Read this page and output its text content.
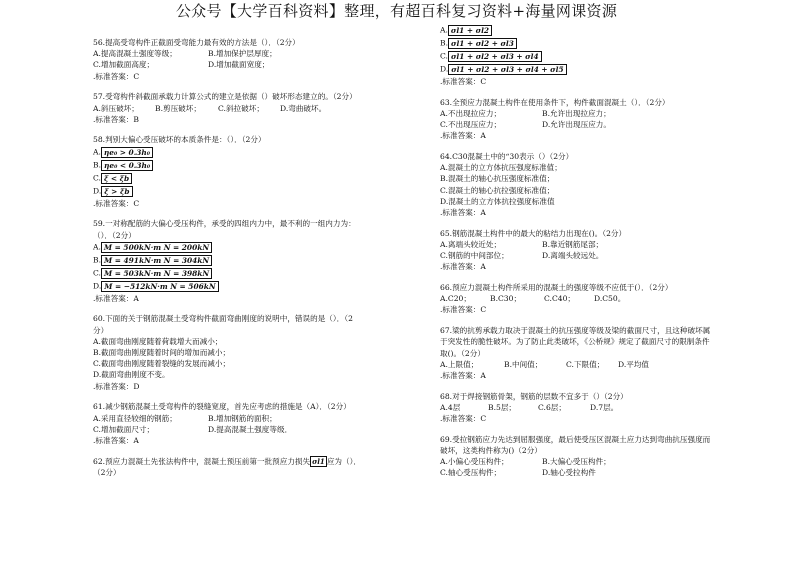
公众号【大学百科资料】整理，有超百科复习资料+海量网课资源
56.提高受弯构件正截面受弯能力最有效的方法是（）．（2分）
A.提高混凝土强度等级；	B.增加保护层厚度；
C.增加截面高度；	D.增加截面宽度；
.标准答案：C
57.受弯构件斜截面承载力计算公式的建立是依据（）破坏形态建立的。（2分）
A.斜压破坏； B.剪压破坏； C.斜拉破坏； D.弯曲破坏。
.标准答案：B
58.判别大偏心受压破坏的本质条件是：（）．（2分）
A. ηe₀ > 0.3h₀
B. ηe₀ < 0.3h₀
C. ξ < ξb
D. ξ > ξb
.标准答案：C
59.一对称配筋的大偏心受压构件，承受的四组内力中，最不利的一组内力为：
（）．（2分）
A. M = 500kN·m N = 200kN
B. M = 491kN·m N = 304kN
C. M = 503kN·m N = 398kN
D. M = −512kN·m N = 506kN
.标准答案：A
60.下面的关于钢筋混凝土受弯构件截面弯曲刚度的说明中，错误的是（）．（2
分）
A.截面弯曲刚度随着荷载增大而减小；
B.截面弯曲刚度随着时间的增加而减小；
C.截面弯曲刚度随着裂缝的发展而减小；
D.截面弯曲刚度不变。
.标准答案：D
61.减少钢筋混凝土受弯构件的裂缝宽度，首先应考虑的措施是（A）．（2分）
A.采用直径较细的钢筋；	B.增加钢筋的面积；
C.增加截面尺寸；	D.提高混凝土强度等级．
.标准答案：A
62.预应力混凝土先张法构件中，混凝土预压前第一批预应力损失 σl1 应为（）．
（2分）
A. σl1 + σl2
B. σl1 + σl2 + σl3
C. σl1 + σl2 + σl3 + σl4
D. σl1 + σl2 + σl3 + σl4 + σl5
.标准答案：C
63.全预应力混凝土构件在使用条件下，构件截面混凝土（）．（2分）
A.不出现拉应力；	B.允许出现拉应力；
C.不出现压应力；	D.允许出现压应力。
.标准答案：A
64.C30混凝土中的“30表示（）（2分）
A.混凝土的立方体抗压强度标准值；
B.混凝土的轴心抗压强度标准值；
C.混凝土的轴心抗拉强度标准值；
D.混凝土的立方体抗拉强度标准值
.标准答案：A
65.钢筋混凝土构件中的最大的粘结力出现在()。（2分）
A.离端头较近处；	B.靠近钢筋尾部；
C.钢筋的中间部位；	D.离端头较远处。
.标准答案：A
66.预应力混凝土构件所采用的混凝土的强度等级不应低于(）．（2分）
A.C20；	B.C30；	C.C40； D.C50。
.标准答案：C
67.梁的抗剪承载力取决于混凝土的抗压强度等级及梁的截面尺寸，且这种破坏属
于突发性的脆性破坏。为了防止此类破坏，《公桥规》规定了截面尺寸的限制条件
取()。（2分）
A.上限值；	B.中间值；	C.下限值； D.平均值
.标准答案：A
68.对于焊接钢筋骨架，钢筋的层数不宜多于（）（2分）
A.4层	B.5层；	C.6层；	D.7层。
.标准答案：C
69.受拉钢筋应力先达到屈服强度，最后使受压区混凝土应力达到弯曲抗压强度而
破坏，这类构件称为()（2分）
A.小偏心受压构件；	B.大偏心受压构件；
C.轴心受压构件；	D.轴心受拉构件
